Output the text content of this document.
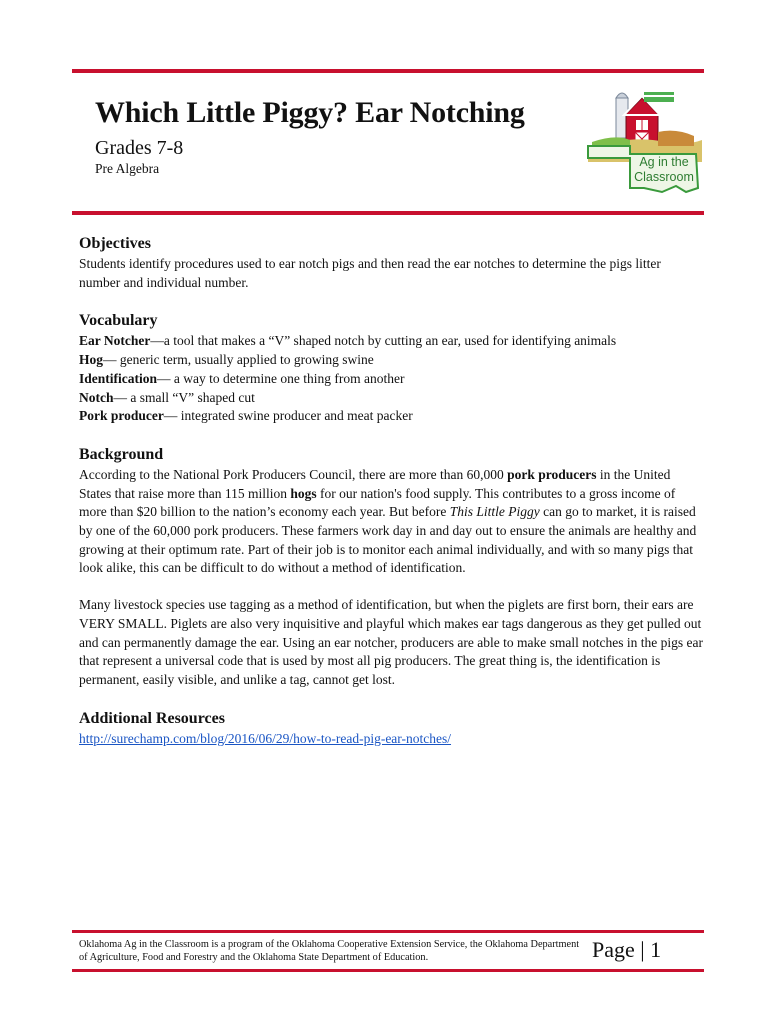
Which Little Piggy? Ear Notching
Grades 7-8
Pre Algebra	Ag in the
Classroom
Objectives

Students identify procedures used to ear notch pigs and then read the ear notches to determine the pigs litter number and individual number.

Vocabulary
Ear Notcher—a tool that makes a “V” shaped notch by cutting an ear, used for identifying animals
Hog— generic term, usually applied to growing swine
Identification— a way to determine one thing from another
Notch— a small “V” shaped cut
Pork producer— integrated swine producer and meat packer
Background

According to the National Pork Producers Council, there are more than 60,000 pork producers in the United States that raise more than 115 million hogs for our nation's food supply. This contributes to a gross income of more than $20 billion to the nation’s economy each year. But before This Little Piggy can go to market, it is raised by one of the 60,000 pork producers. These farmers work day in and day out to ensure the animals are healthy and growing at their optimum rate. Part of their job is to monitor each animal individually, and with so many pigs that look alike, this can be difficult to do without a method of identification.

Many livestock species use tagging as a method of identification, but when the piglets are first born, their ears are VERY SMALL. Piglets are also very inquisitive and playful which makes ear tags dangerous as they get pulled out and can permanently damage the ear. Using an ear notcher, producers are able to make small notches in the pigs ear that represent a universal code that is used by most all pig producers. The great thing is, the identification is permanent, easily visible, and unlike a tag, cannot get lost.

Additional Resources
http://surechamp.com/blog/2016/06/29/how-to-read-pig-ear-notches/
Oklahoma Ag in the Classroom is a program of the Oklahoma Cooperative Extension Service, the Oklahoma Department of Agriculture, Food and Forestry and the Oklahoma State Department of Education.	Page | 1
